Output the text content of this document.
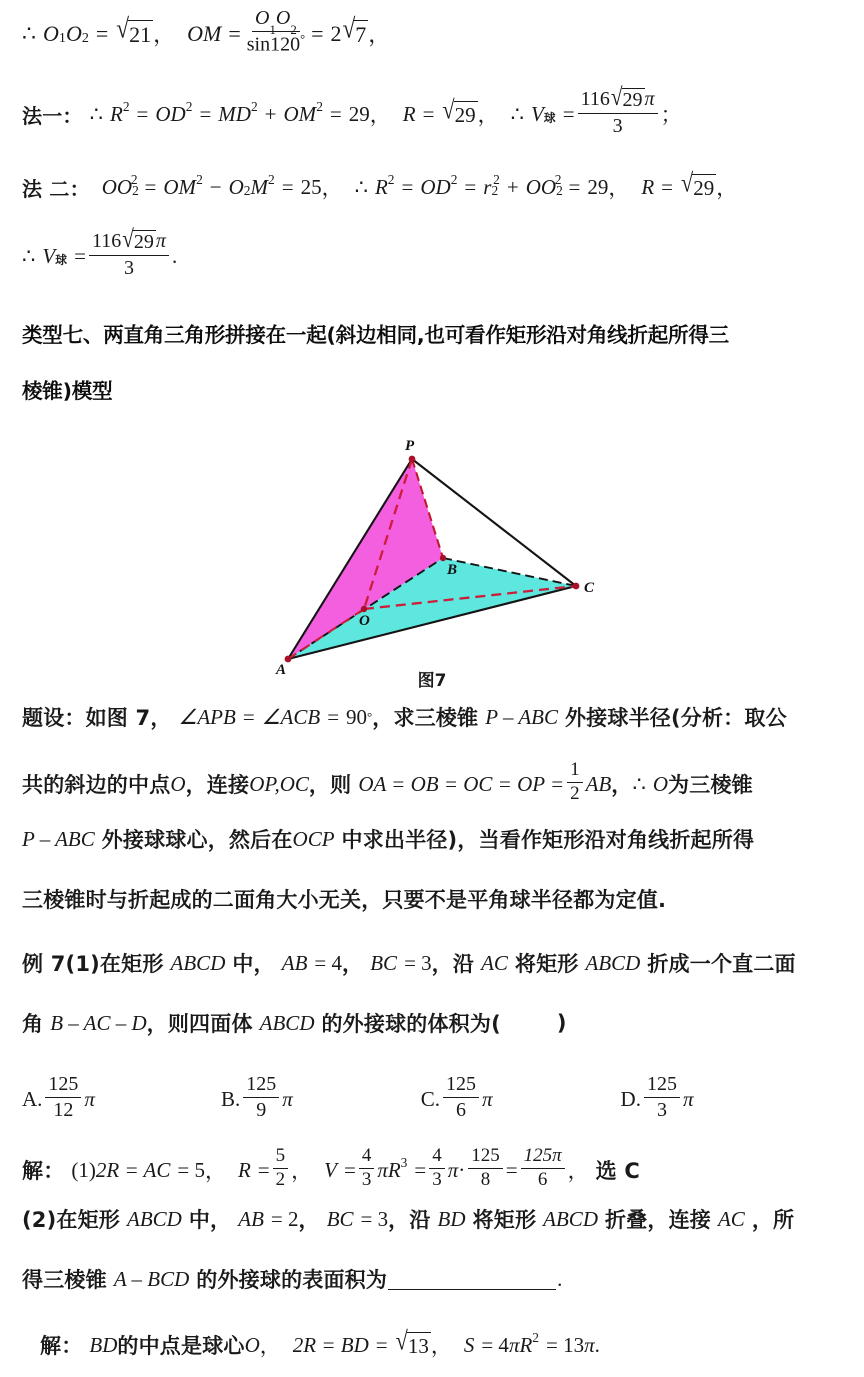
∴ $O_1$ $O_2$ = √ 21 ， OM = $\frac{O_1O_2}{\sin 120^\circ} = 2$ √ 7 ，
法一： ∴ $R^2 = OD^2 = MD^2 + OM^2 = 29$ ， R = √ 29 ， ∴ $V_球 = \frac{116 √ 29 \pi}{3}$ ；
法 二： $OO_2$
$^2 = OM^2 - O_2$ $M^2 = 25$ ， ∴ $R^2 = OD^2 = r_2$
$^2 + OO_2$
$^2$ = 29 ， R = √ 29 ，
∴ $V_球 = \frac{116 √ 29 \pi}{3}$ .
类型七、两直角三角形拼接在一起(斜边相同,也可看作矩形沿对角线折起所得三
棱锥)模型
P
B
C
O
A
图7
题设：如图 7， ∠APB = ∠ACB = 90 ° ，求三棱锥 P – ABC 外接球半径(分析：取公
共的斜边的中点 O ，连接 OP,OC ，则 OA = OB = OC = OP = $\frac{1}{2}$ AB ， ∴ O 为三棱锥
P – ABC 外接球球心，然后在 OCP 中求出半径)，当看作矩形沿对角线折起所得
三棱锥时与折起成的二面角大小无关，只要不是平角球半径都为定值.
例 7(1)在矩形 ABCD 中， AB = 4 ， BC = 3 ，沿 AC 将矩形 ABCD 折成一个直二面
角 B – AC – D ，则四面体 ABCD 的外接球的体积为(	)
A. $\frac{125}{12}$ π	B. $\frac{125}{9}$ π	C. $\frac{125}{6}$ π	D. $\frac{125}{3}$ π
解： (1) 2R = AC = 5 ， $R = \frac{5}{2}$ ， $V = \frac{4}{3}$ π $R^3 = \frac{4}{3}$ $\pi \cdot \frac{125}{8} = \frac{125\pi}{6}$ ， 选 C
(2)在矩形 ABCD 中， AB = 2 ， BC = 3 ，沿 BD 将矩形 ABCD 折叠，连接 AC ，所
得三棱锥 A – BCD 的外接球的表面积为	.
解： BD 的中点是球心 O ， 2R = BD = √ 13 ， S = 4 π $R^2 = 13$ π .
